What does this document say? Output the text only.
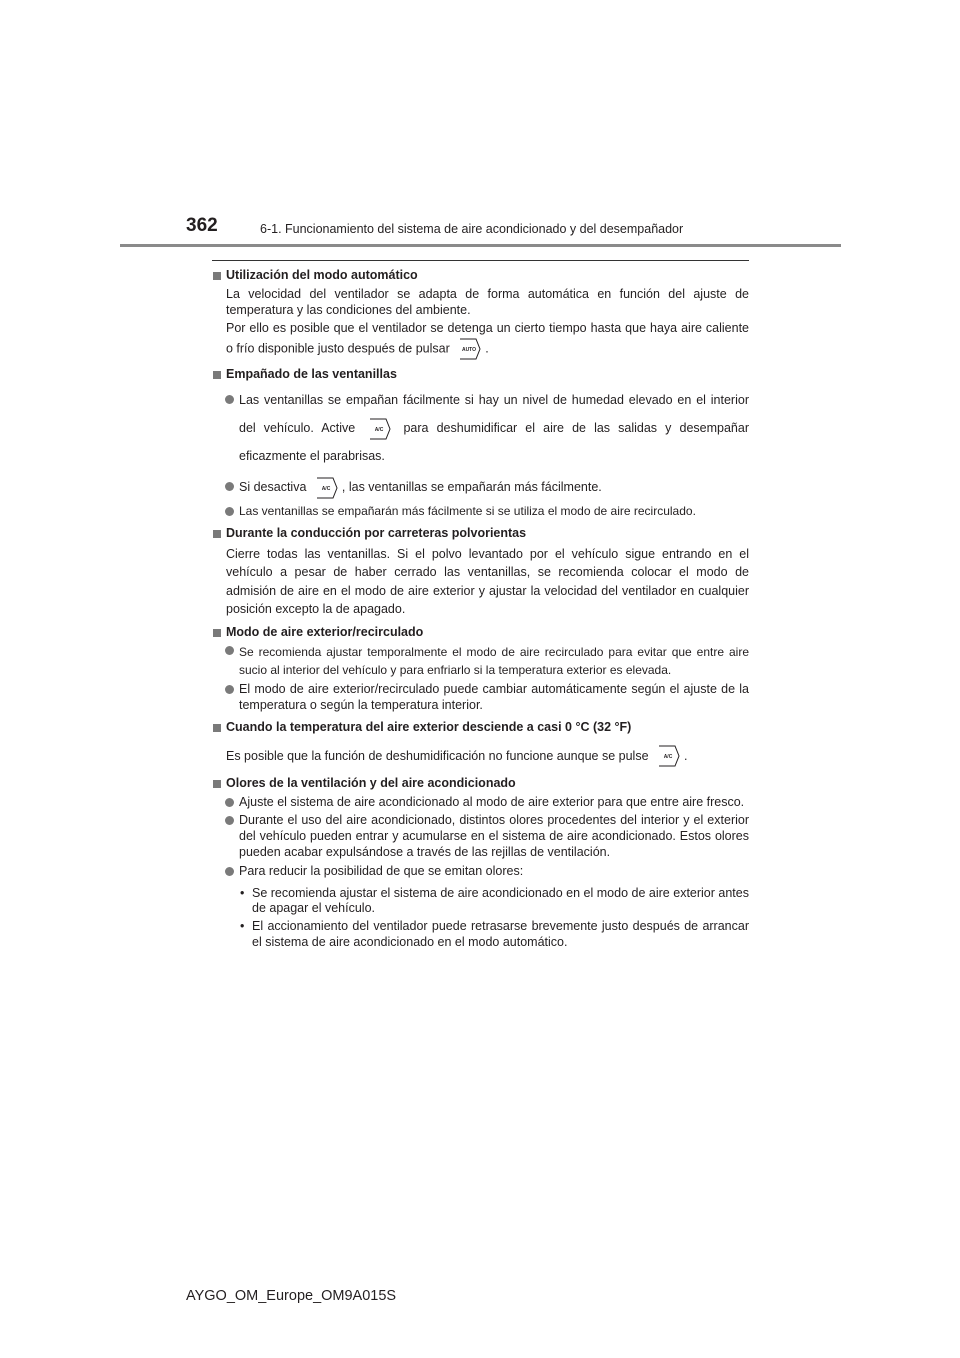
362	6-1. Funcionamiento del sistema de aire acondicionado y del desempañador

Utilización del modo automático

La velocidad del ventilador se adapta de forma automática en función del ajuste de temperatura y las condiciones del ambiente.

Por ello es posible que el ventilador se detenga un cierto tiempo hasta que haya aire caliente o frío disponible justo después de pulsar AUTO .

Empañado de las ventanillas

Las ventanillas se empañan fácilmente si hay un nivel de humedad elevado en el interior del vehículo. Active	A/C para deshumidificar el aire de las salidas y desempañar eficazmente el parabrisas.

Si desactiva	A/C , las ventanillas se empañarán más fácilmente.

Las ventanillas se empañarán más fácilmente si se utiliza el modo de aire recirculado.

Durante la conducción por carreteras polvorientas

Cierre todas las ventanillas. Si el polvo levantado por el vehículo sigue entrando en el vehículo a pesar de haber cerrado las ventanillas, se recomienda colocar el modo de admisión de aire en el modo de aire exterior y ajustar la velocidad del ventilador en cualquier posición excepto la de apagado.

Modo de aire exterior/recirculado

Se recomienda ajustar temporalmente el modo de aire recirculado para evitar que entre aire sucio al interior del vehículo y para enfriarlo si la temperatura exterior es elevada.

El modo de aire exterior/recirculado puede cambiar automáticamente según el ajuste de la temperatura o según la temperatura interior.

Cuando la temperatura del aire exterior desciende a casi 0 °C (32 °F)

Es posible que la función de deshumidificación no funcione aunque se pulse	A/C .

Olores de la ventilación y del aire acondicionado

Ajuste el sistema de aire acondicionado al modo de aire exterior para que entre aire fresco.

Durante el uso del aire acondicionado, distintos olores procedentes del interior y el exterior del vehículo pueden entrar y acumularse en el sistema de aire acondicionado. Estos olores pueden acabar expulsándose a través de las rejillas de ventilación.

Para reducir la posibilidad de que se emitan olores:

• Se recomienda ajustar el sistema de aire acondicionado en el modo de aire exterior antes de apagar el vehículo.

• El accionamiento del ventilador puede retrasarse brevemente justo después de arrancar el sistema de aire acondicionado en el modo automático.

AYGO_OM_Europe_OM9A015S
